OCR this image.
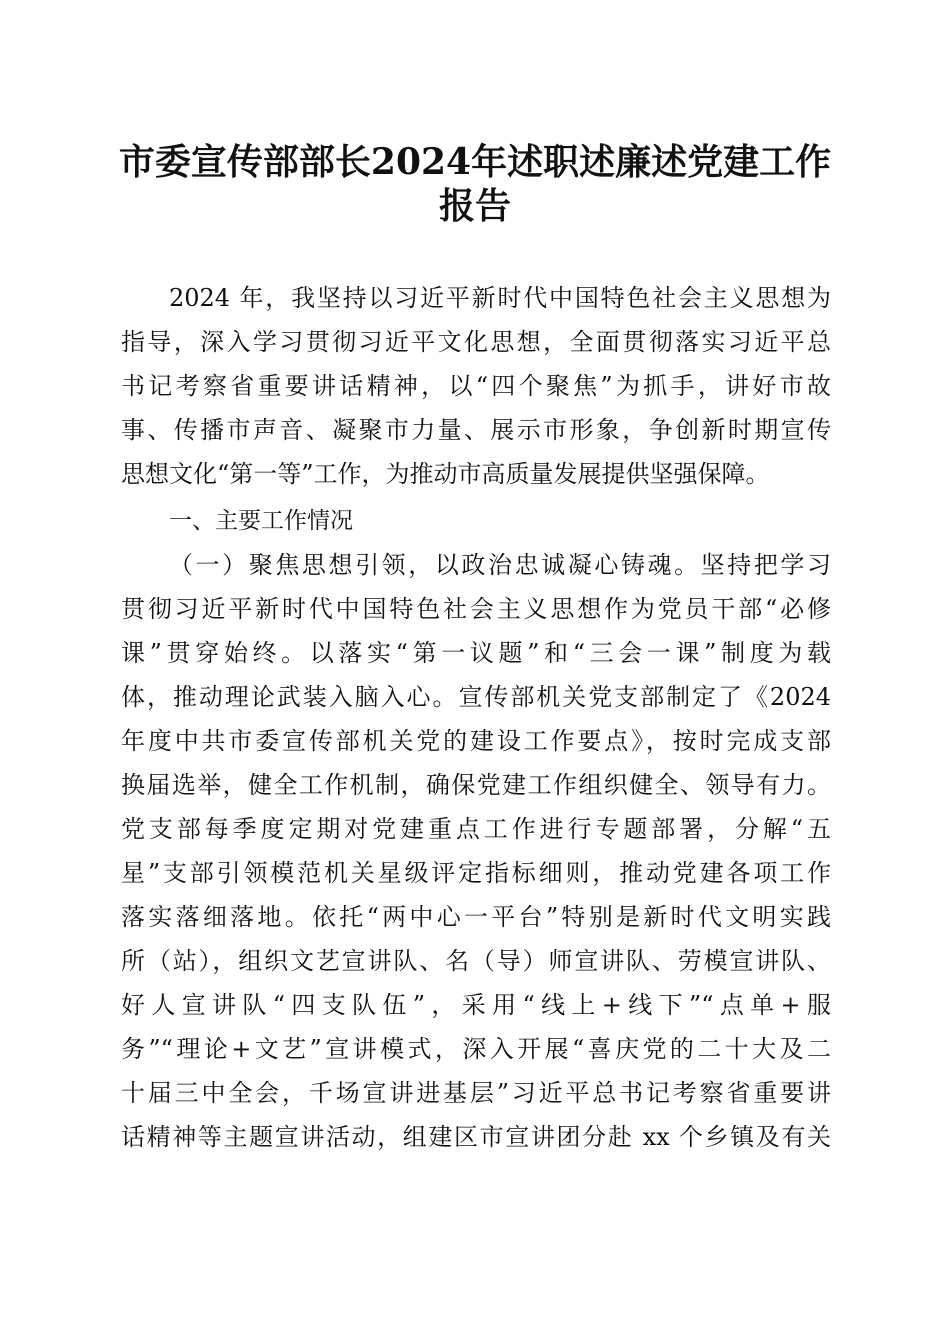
市委宣传部部长2024年述职述廉述党建工作
报告
2024 年，我坚持以习近平新时代中国特色社会主义思想为
指导，深入学习贯彻习近平文化思想，全面贯彻落实习近平总
书记考察省重要讲话精神，以“四个聚焦”为抓手，讲好市故
事、传播市声音、凝聚市力量、展示市形象，争创新时期宣传
思想文化“第一等”工作，为推动市高质量发展提供坚强保障。
一、主要工作情况
（一）聚焦思想引领，以政治忠诚凝心铸魂。坚持把学习
贯彻习近平新时代中国特色社会主义思想作为党员干部“必修
课”贯穿始终。以落实“第一议题”和“三会一课”制度为载
体，推动理论武装入脑入心。宣传部机关党支部制定了《2024
年度中共市委宣传部机关党的建设工作要点》，按时完成支部
换届选举，健全工作机制，确保党建工作组织健全、领导有力。
党支部每季度定期对党建重点工作进行专题部署，分解“五
星”支部引领模范机关星级评定指标细则，推动党建各项工作
落实落细落地。依托“两中心一平台”特别是新时代文明实践
所（站），组织文艺宣讲队、名（导）师宣讲队、劳模宣讲队、
好人宣讲队“四支队伍”，采用“线上+线下”“点单+服
务”“理论+文艺”宣讲模式，深入开展“喜庆党的二十大及二
十届三中全会，千场宣讲进基层”习近平总书记考察省重要讲
话精神等主题宣讲活动，组建区市宣讲团分赴 xx 个乡镇及有关
